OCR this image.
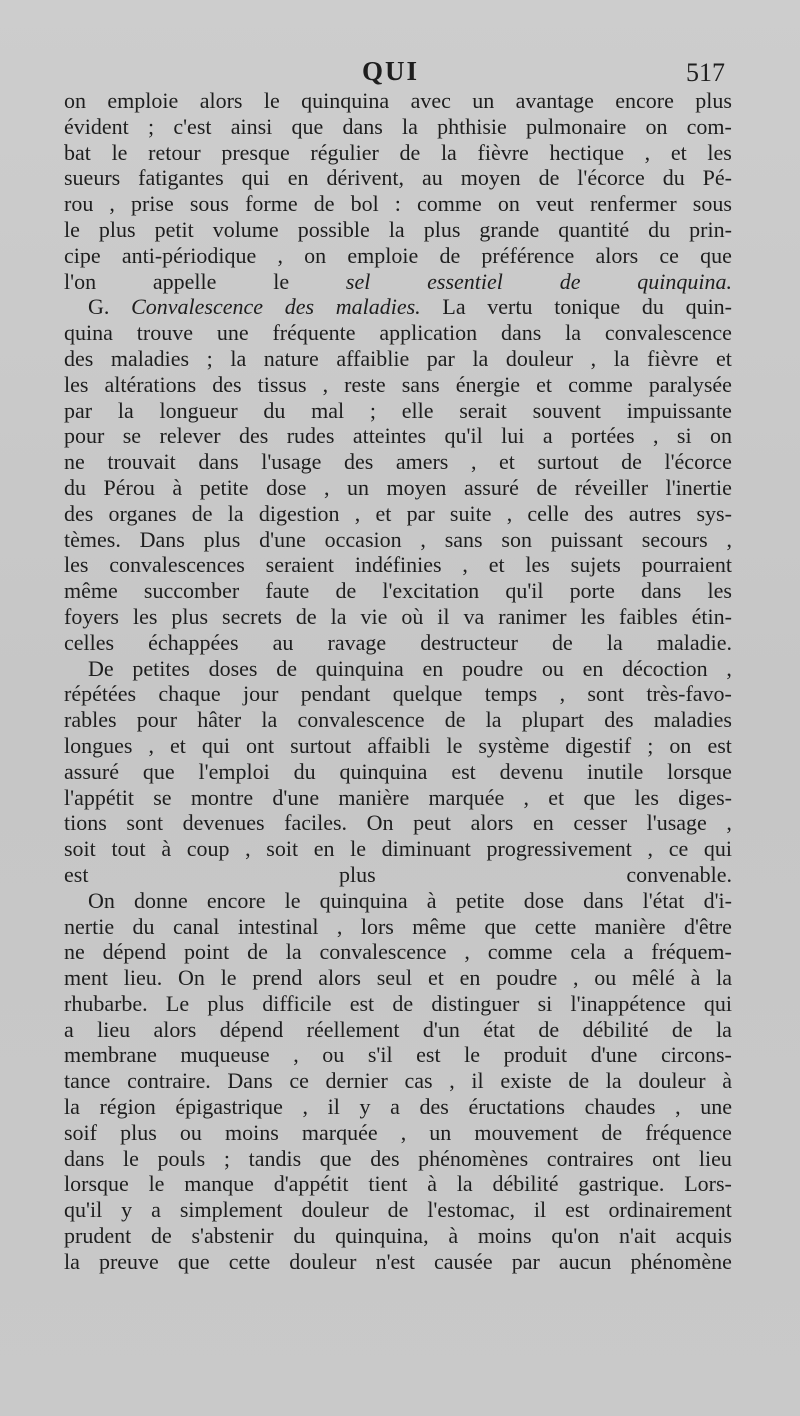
QUI	517

on emploie alors le quinquina avec un avantage encore plus
évident ; c'est ainsi que dans la phthisie pulmonaire on com-
bat le retour presque régulier de la fièvre hectique , et les
sueurs fatigantes qui en dérivent, au moyen de l'écorce du Pé-
rou , prise sous forme de bol : comme on veut renfermer sous
le plus petit volume possible la plus grande quantité du prin-
cipe anti-périodique , on emploie de préférence alors ce que
l'on appelle le	sel essentiel de quinquina.

G. Convalescence des maladies. La vertu tonique du quin-
quina trouve une fréquente application dans la convalescence
des maladies ; la nature affaiblie par la douleur , la fièvre et
les altérations des tissus , reste sans énergie et comme paralysée
par la longueur du mal ; elle serait souvent impuissante
pour se relever des rudes atteintes qu'il lui a portées , si on
ne trouvait dans l'usage des amers , et surtout de l'écorce
du Pérou à petite dose , un moyen assuré de réveiller l'inertie
des organes de la digestion , et par suite , celle des autres sys-
tèmes. Dans plus d'une occasion , sans son puissant secours ,
les convalescences seraient indéfinies , et les sujets pourraient
même succomber faute de l'excitation qu'il porte dans les
foyers les plus secrets de la vie où il va ranimer les faibles étin-
celles échappées au ravage destructeur de la maladie.

De petites doses de quinquina en poudre ou en décoction ,
répétées chaque jour pendant quelque temps , sont très-favo-
rables pour hâter la convalescence de la plupart des maladies
longues , et qui ont surtout affaibli le système digestif ; on est
assuré que l'emploi du quinquina est devenu inutile lorsque
l'appétit se montre d'une manière marquée , et que les diges-
tions sont devenues faciles. On peut alors en cesser l'usage ,
soit tout à coup , soit en le diminuant progressivement , ce qui
est plus convenable.

On donne encore le quinquina à petite dose dans l'état d'i-
nertie du canal intestinal , lors même que cette manière d'être
ne dépend point de la convalescence , comme cela a fréquem-
ment lieu. On le prend alors seul et en poudre , ou mêlé à la
rhubarbe. Le plus difficile est de distinguer si l'inappétence qui
a lieu alors dépend réellement d'un état de débilité de la
membrane muqueuse , ou s'il est le produit d'une circons-
tance contraire. Dans ce dernier cas , il existe de la douleur à
la région épigastrique , il y a des éructations chaudes , une
soif plus ou moins marquée , un mouvement de fréquence
dans le pouls ; tandis que des phénomènes contraires ont lieu
lorsque le manque d'appétit tient à la débilité gastrique. Lors-
qu'il y a simplement douleur de l'estomac, il est ordinairement
prudent de s'abstenir du quinquina, à moins qu'on n'ait acquis
la preuve que cette douleur n'est causée par aucun phénomène
